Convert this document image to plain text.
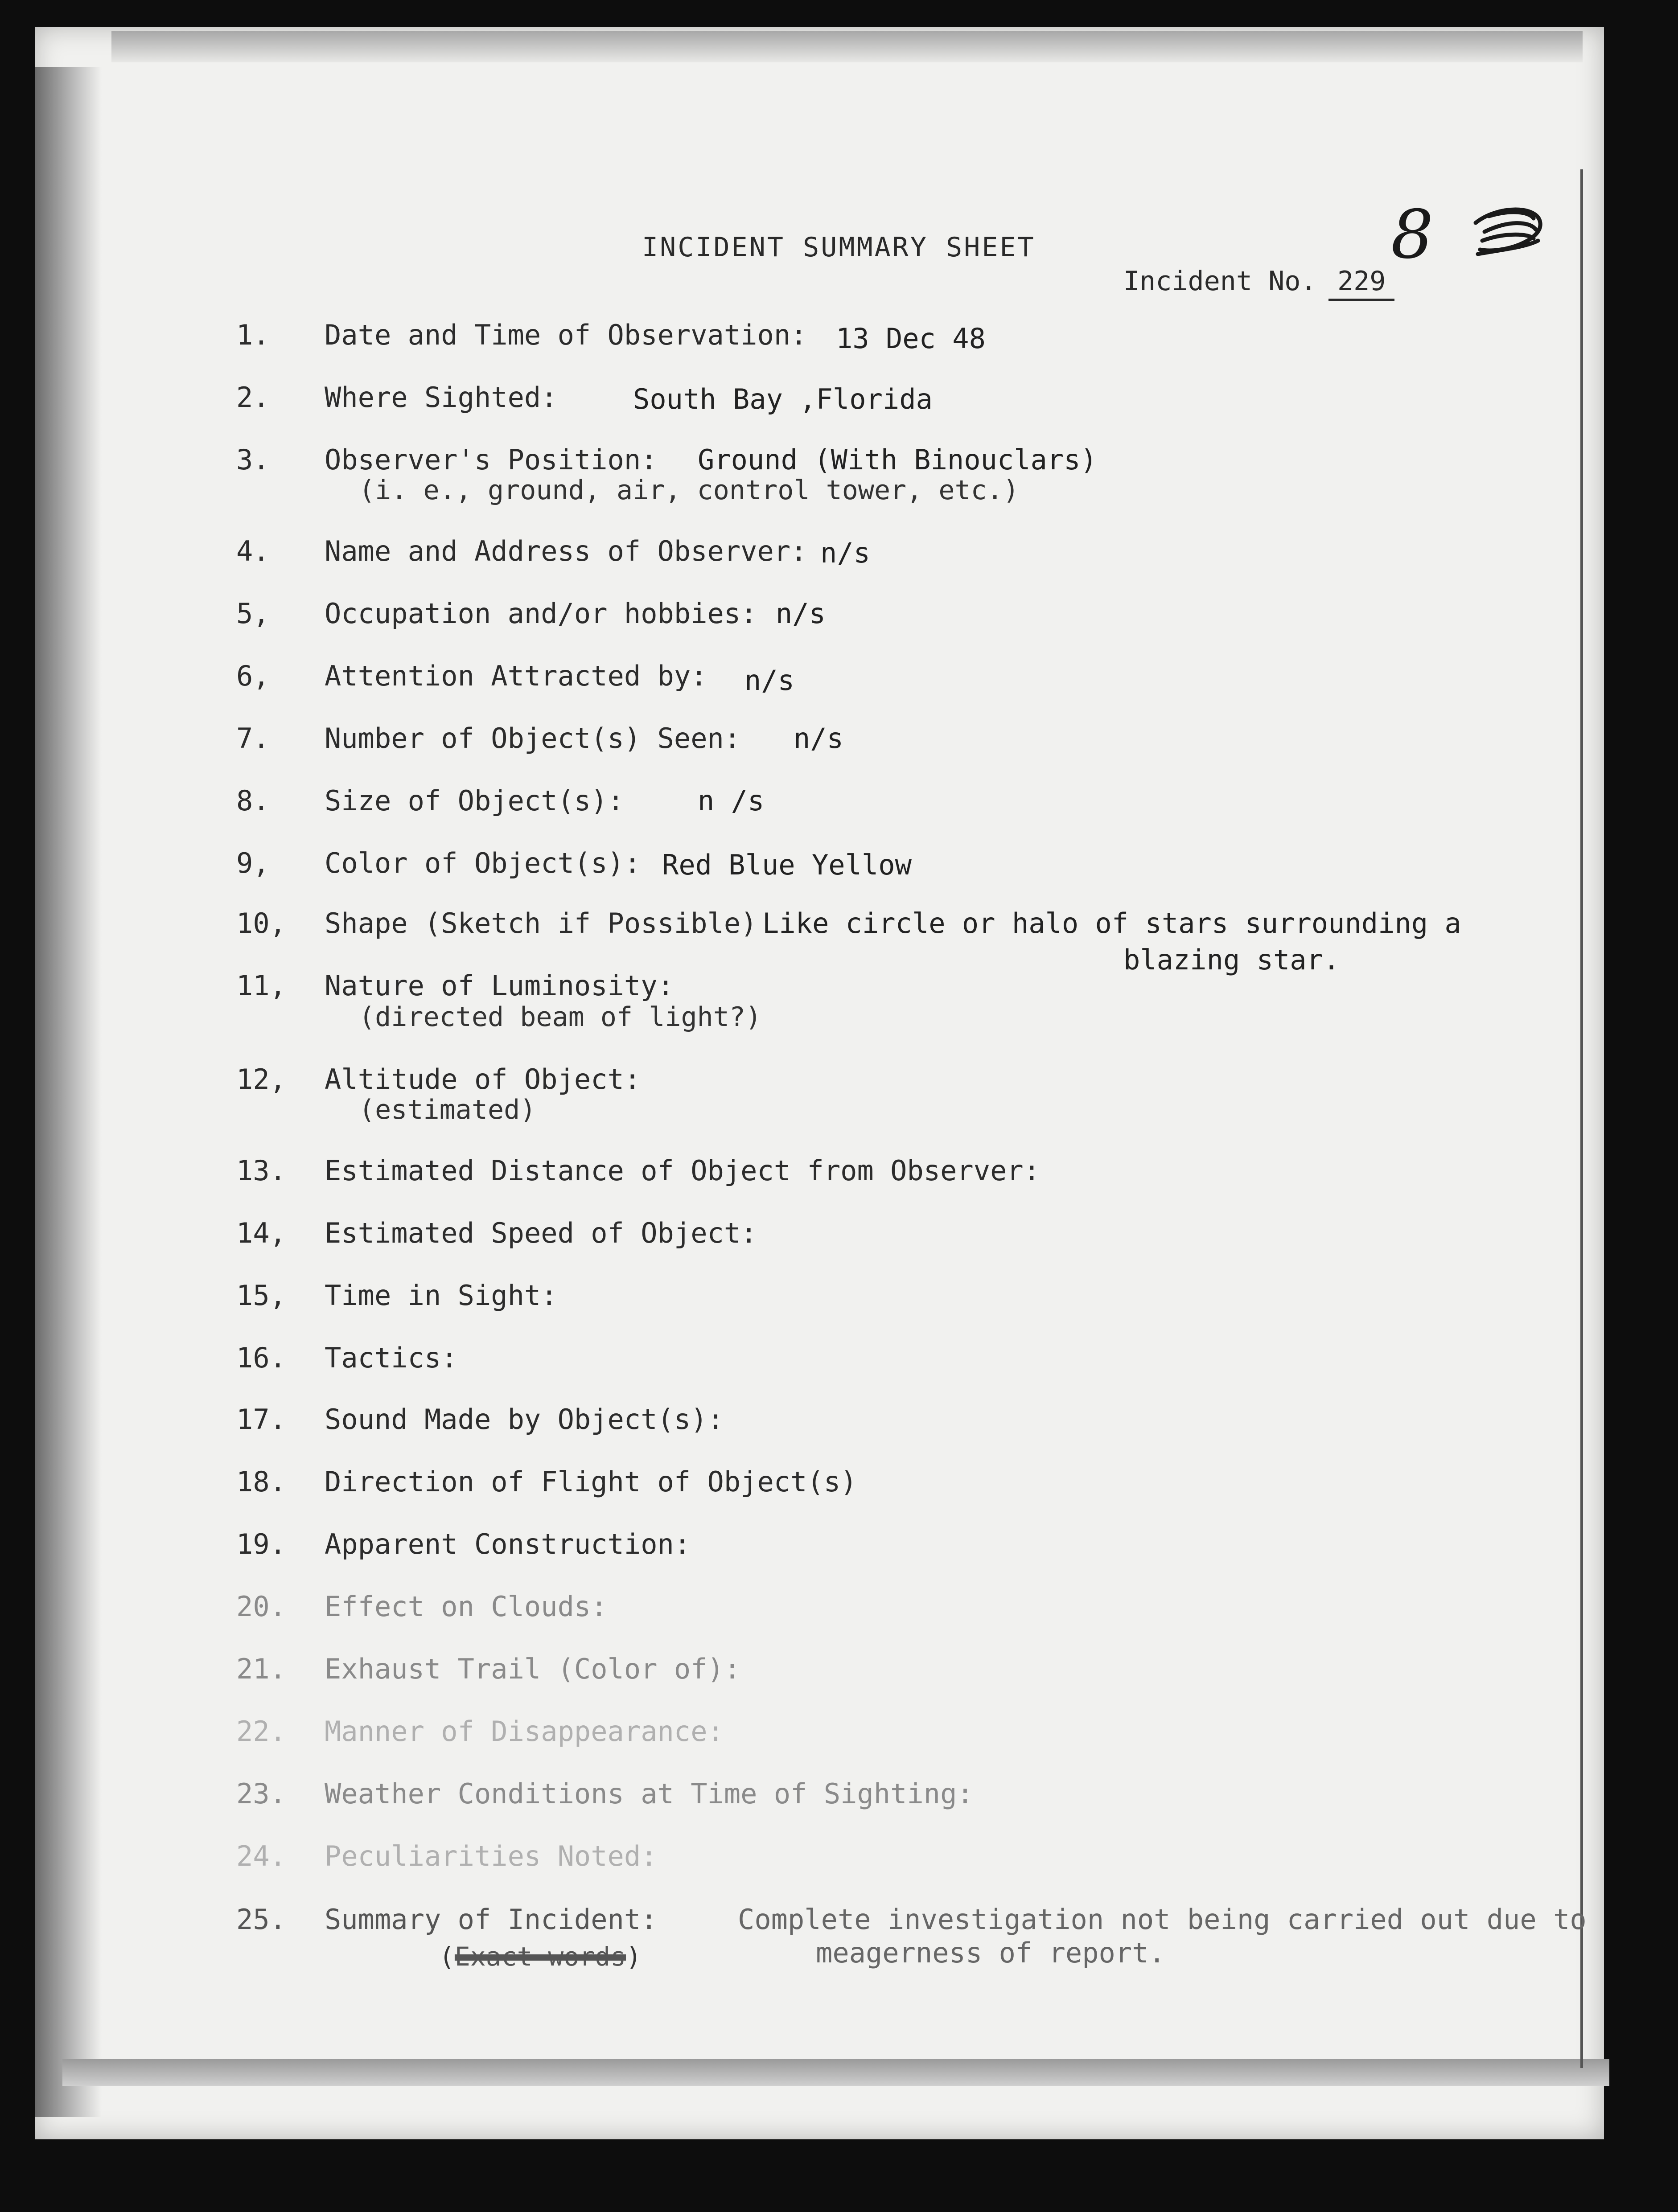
INCIDENT SUMMARY SHEET
Incident No. 229
8
1. Date and Time of Observation: 13 Dec 48
2. Where Sighted:	South Bay ,Florida
3. Observer's Position: Ground (With Binouclars)
(i. e., ground, air, control tower, etc.)
4. Name and Address of Observer: n/s
5, Occupation and/or hobbies: n/s
6, Attention Attracted by: n/s
7. Number of Object(s) Seen: n/s
8. Size of Object(s):	n /s
9, Color of Object(s): Red Blue Yellow
10, Shape (Sketch if Possible) Like circle or halo of stars surrounding a
blazing star.
11, Nature of Luminosity:
(directed beam of light?)
12, Altitude of Object:
(estimated)
13. Estimated Distance of Object from Observer:
14, Estimated Speed of Object:
15, Time in Sight:
16. Tactics:
17. Sound Made by Object(s):
18. Direction of Flight of Object(s)
19. Apparent Construction:
20. Effect on Clouds:
21. Exhaust Trail (Color of):
22. Manner of Disappearance:
23. Weather Conditions at Time of Sighting:
24. Peculiarities Noted:
25. Summary of Incident:	Complete investigation not being carried out due to
meagerness of report.
(Exact words)
